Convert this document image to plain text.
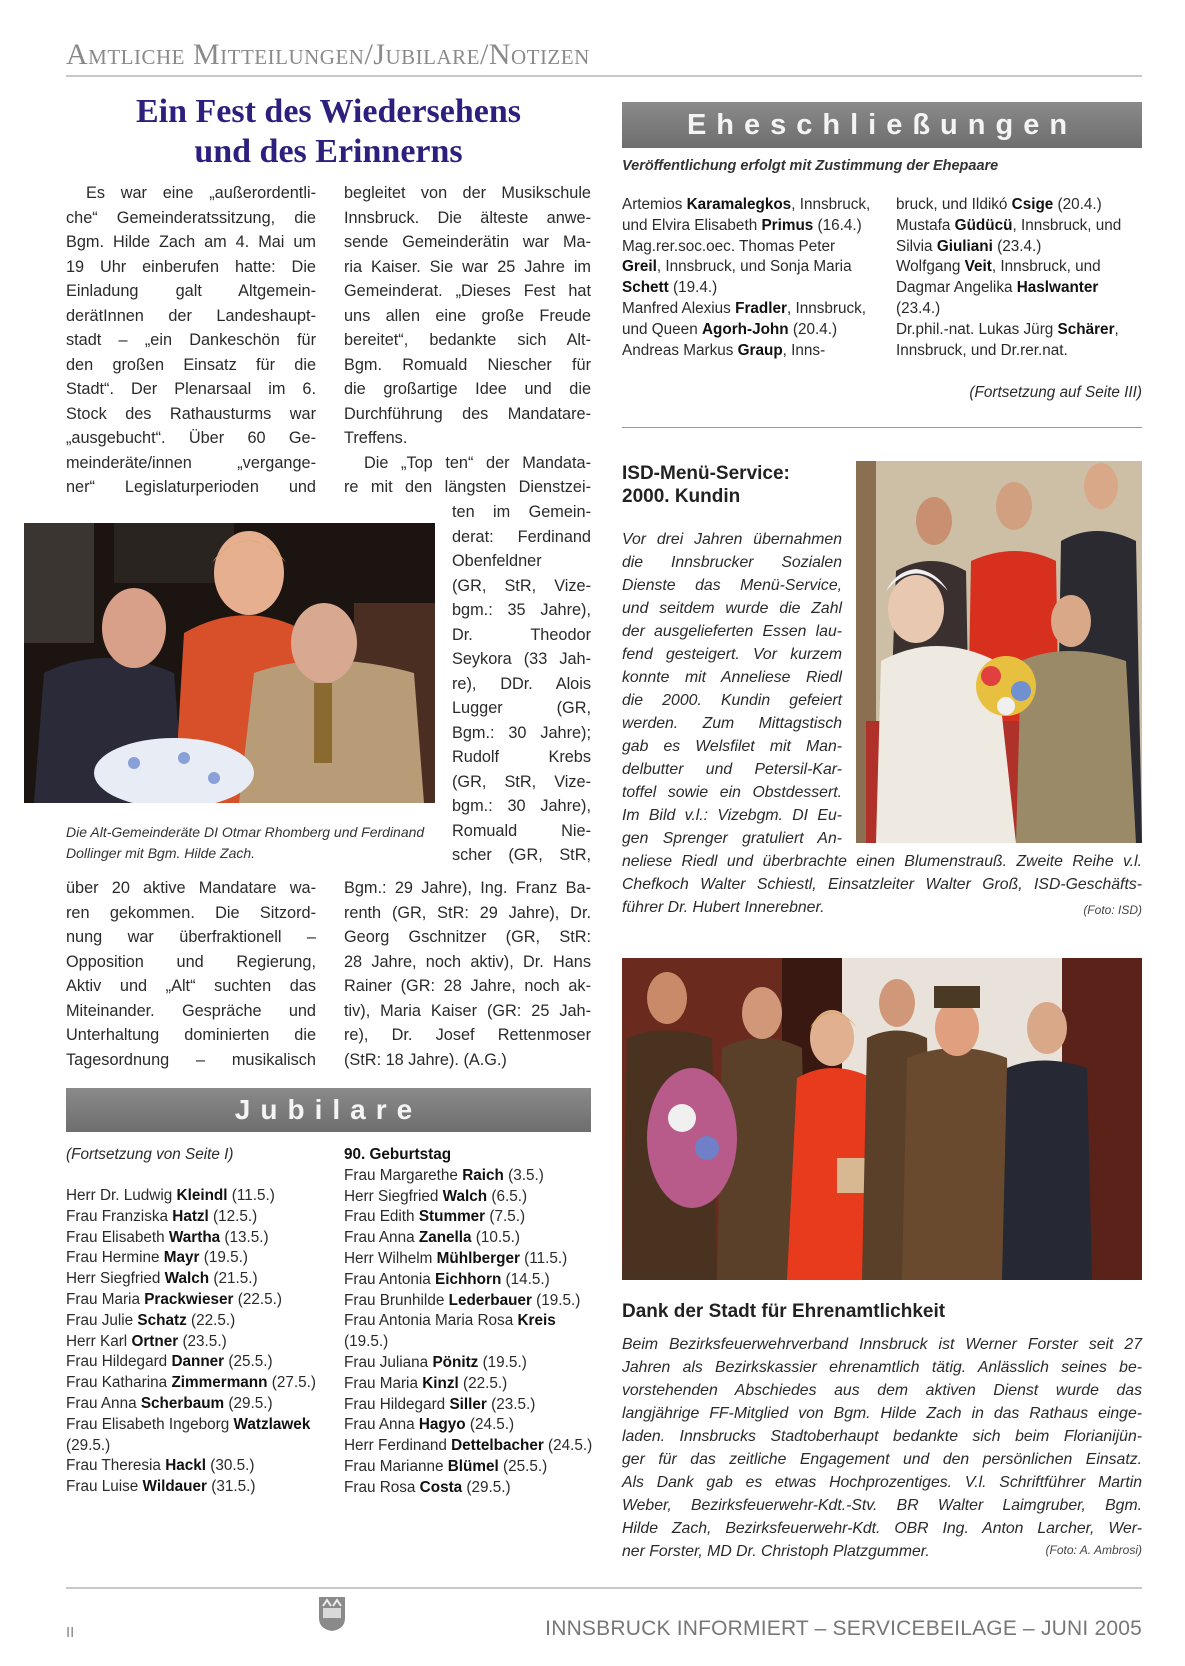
Amtliche Mitteilungen/Jubilare/Notizen
Ein Fest des Wiedersehens
und des Erinnerns
Es war eine „außerordentli-
che“ Gemeinderatssitzung, die
Bgm. Hilde Zach am 4. Mai um
19 Uhr einberufen hatte: Die
Einladung galt Altgemein-
derätInnen der Landeshaupt-
stadt – „ein Dankeschön für
den großen Einsatz für die
Stadt“. Der Plenarsaal im 6.
Stock des Rathausturms war
„ausgebucht“. Über 60 Ge-
meinderäte/innen „vergange-
ner“ Legislaturperioden und
begleitet von der Musikschule
Innsbruck. Die älteste anwe-
sende Gemeinderätin war Ma-
ria Kaiser. Sie war 25 Jahre im
Gemeinderat. „Dieses Fest hat
uns allen eine große Freude
bereitet“, bedankte sich Alt-
Bgm. Romuald Niescher für
die großartige Idee und die
Durchführung des Mandatare-
Treffens.
Die „Top ten“ der Mandata-
re mit den längsten Dienstzei-
ten im Gemein-
derat: Ferdinand
Obenfeldner
(GR, StR, Vize-
bgm.: 35 Jahre),
Dr. Theodor
Seykora (33 Jah-
re), DDr. Alois
Lugger (GR,
Bgm.: 30 Jahre);
Rudolf Krebs
(GR, StR, Vize-
bgm.: 30 Jahre),
Romuald Nie-
scher (GR, StR,
über 20 aktive Mandatare wa-
ren gekommen. Die Sitzord-
nung war überfraktionell –
Opposition und Regierung,
Aktiv und „Alt“ suchten das
Miteinander. Gespräche und
Unterhaltung dominierten die
Tagesordnung – musikalisch
Bgm.: 29 Jahre), Ing. Franz Ba-
renth (GR, StR: 29 Jahre), Dr.
Georg Gschnitzer (GR, StR:
28 Jahre, noch aktiv), Dr. Hans
Rainer (GR: 28 Jahre, noch ak-
tiv), Maria Kaiser (GR: 25 Jah-
re), Dr. Josef Rettenmoser
(StR: 18 Jahre). (A.G.)
Die Alt-Gemeinderäte DI Otmar Rhomberg und Ferdinand Dollinger mit Bgm. Hilde Zach.
Jubilare
(Fortsetzung von Seite I)
Herr Dr. Ludwig Kleindl (11.5.)
Frau Franziska Hatzl (12.5.)
Frau Elisabeth Wartha (13.5.)
Frau Hermine Mayr (19.5.)
Herr Siegfried Walch (21.5.)
Frau Maria Prackwieser (22.5.)
Frau Julie Schatz (22.5.)
Herr Karl Ortner (23.5.)
Frau Hildegard Danner (25.5.)
Frau Katharina Zimmermann (27.5.)
Frau Anna Scherbaum (29.5.)
Frau Elisabeth Ingeborg Watzlawek (29.5.)
Frau Theresia Hackl (30.5.)
Frau Luise Wildauer (31.5.)
90. Geburtstag
Frau Margarethe Raich (3.5.)
Herr Siegfried Walch (6.5.)
Frau Edith Stummer (7.5.)
Frau Anna Zanella (10.5.)
Herr Wilhelm Mühlberger (11.5.)
Frau Antonia Eichhorn (14.5.)
Frau Brunhilde Lederbauer (19.5.)
Frau Antonia Maria Rosa Kreis (19.5.)
Frau Juliana Pönitz (19.5.)
Frau Maria Kinzl (22.5.)
Frau Hildegard Siller (23.5.)
Frau Anna Hagyo (24.5.)
Herr Ferdinand Dettelbacher (24.5.)
Frau Marianne Blümel (25.5.)
Frau Rosa Costa (29.5.)
Eheschließungen
Veröffentlichung erfolgt mit Zustimmung der Ehepaare
Artemios Karamalegkos, Innsbruck, und Elvira Elisabeth Primus (16.4.)
Mag.rer.soc.oec. Thomas Peter Greil, Innsbruck, und Sonja Maria Schett (19.4.)
Manfred Alexius Fradler, Innsbruck, und Queen Agorh-John (20.4.)
Andreas Markus Graup, Inns-
bruck, und Ildikó Csige (20.4.)
Mustafa Güdücü, Innsbruck, und Silvia Giuliani (23.4.)
Wolfgang Veit, Innsbruck, und Dagmar Angelika Haslwanter (23.4.)
Dr.phil.-nat. Lukas Jürg Schärer, Innsbruck, und Dr.rer.nat.
(Fortsetzung auf Seite III)
ISD-Menü-Service:
2000. Kundin
Vor drei Jahren übernahmen
die Innsbrucker Sozialen
Dienste das Menü-Service,
und seitdem wurde die Zahl
der ausgelieferten Essen lau-
fend gesteigert. Vor kurzem
konnte mit Anneliese Riedl
die 2000. Kundin gefeiert
werden. Zum Mittagstisch
gab es Welsfilet mit Man-
delbutter und Petersil-Kar-
toffel sowie ein Obstdessert.
Im Bild v.l.: Vizebgm. DI Eu-
gen Sprenger gratuliert An-
neliese Riedl und überbrachte einen Blumenstrauß. Zweite Reihe v.l.
Chefkoch Walter Schiestl, Einsatzleiter Walter Groß, ISD-Geschäfts-
führer Dr. Hubert Innerebner.	(Foto: ISD)
Dank der Stadt für Ehrenamtlichkeit
Beim Bezirksfeuerwehrverband Innsbruck ist Werner Forster seit 27
Jahren als Bezirkskassier ehrenamtlich tätig. Anlässlich seines be-
vorstehenden Abschiedes aus dem aktiven Dienst wurde das
langjährige FF-Mitglied von Bgm. Hilde Zach in das Rathaus einge-
laden. Innsbrucks Stadtoberhaupt bedankte sich beim Florianijün-
ger für das zeitliche Engagement und den persönlichen Einsatz.
Als Dank gab es etwas Hochprozentiges. V.l. Schriftführer Martin
Weber, Bezirksfeuerwehr-Kdt.-Stv. BR Walter Laimgruber, Bgm.
Hilde Zach, Bezirksfeuerwehr-Kdt. OBR Ing. Anton Larcher, Wer-
ner Forster, MD Dr. Christoph Platzgummer.	(Foto: A. Ambrosi)
II	INNSBRUCK INFORMIERT – SERVICEBEILAGE – JUNI 2005
